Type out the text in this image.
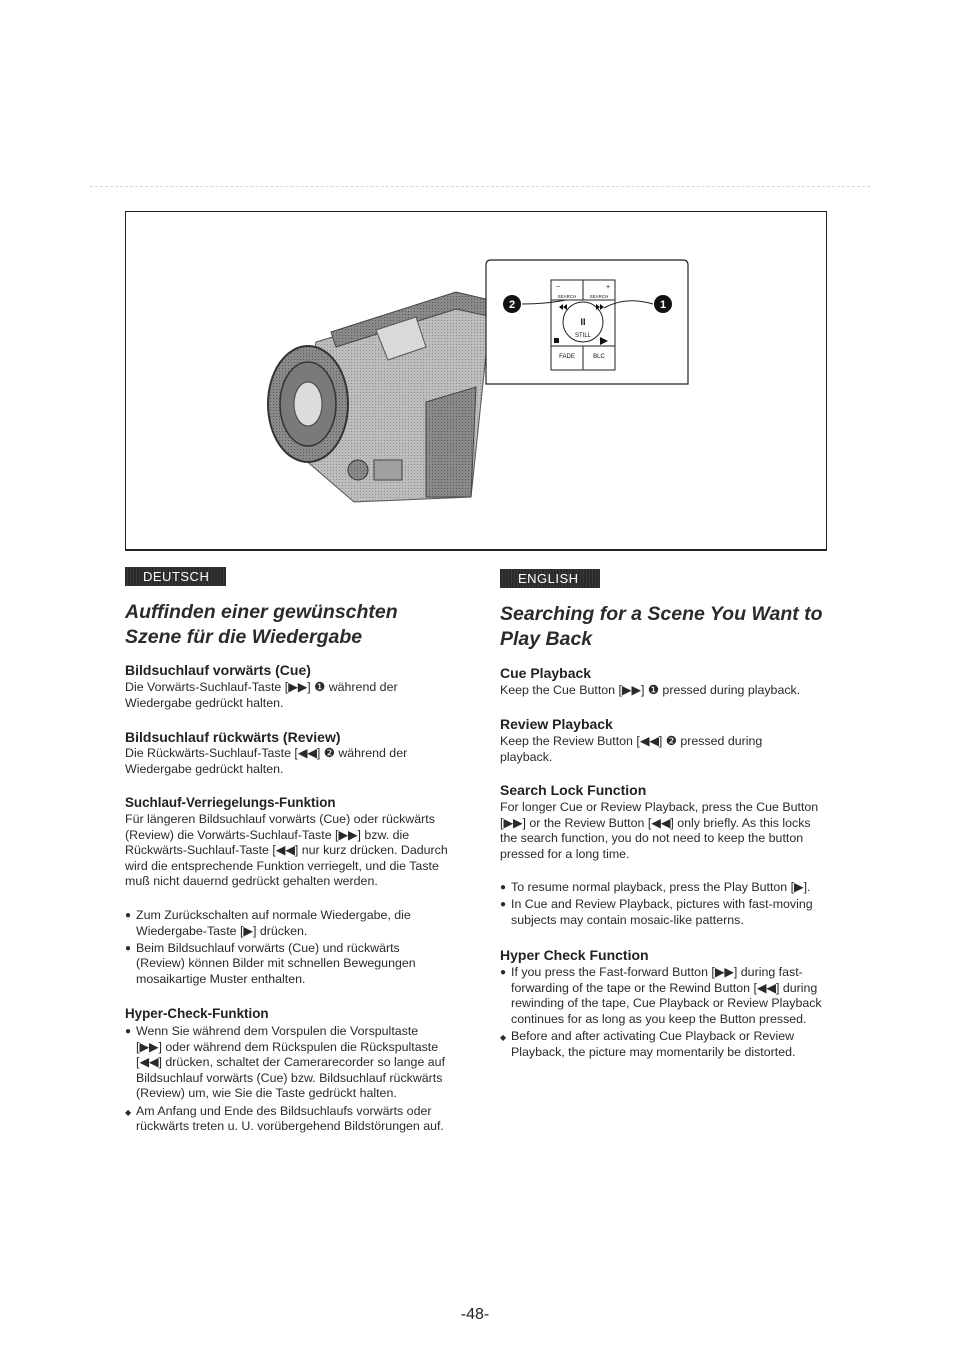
II
STILL
SEARCH	SEARCH
−	+
FADE	BLC
2	1
DEUTSCH
Auffinden einer gewünschten
Szene für die Wiedergabe
Bildsuchlauf vorwärts (Cue)

Die Vorwärts-Suchlauf-Taste [▶▶] ❶ während der Wiedergabe gedrückt halten.

Bildsuchlauf rückwärts (Review)

Die Rückwärts-Suchlauf-Taste [◀◀] ❷ während der Wiedergabe gedrückt halten.

Suchlauf-Verriegelungs-Funktion

Für längeren Bildsuchlauf vorwärts (Cue) oder rückwärts (Review) die Vorwärts-Suchlauf-Taste [▶▶] bzw. die Rückwärts-Suchlauf-Taste [◀◀] nur kurz drücken. Dadurch wird die entsprechende Funktion verriegelt, und die Taste muß nicht dauernd gedrückt gehalten werden.

● Zum Zurückschalten auf normale Wiedergabe, die Wiedergabe-Taste [▶] drücken.
● Beim Bildsuchlauf vorwärts (Cue) und rückwärts (Review) können Bilder mit schnellen Bewegungen mosaikartige Muster enthalten.
Hyper-Check-Funktion
● Wenn Sie während dem Vorspulen die Vorspultaste [▶▶] oder während dem Rückspulen die Rückspultaste [◀◀] drücken, schaltet der Camerarecorder so lange auf Bildsuchlauf vorwärts (Cue) bzw. Bildsuchlauf rückwärts (Review) um, wie Sie die Taste gedrückt halten.
◆ Am Anfang und Ende des Bildsuchlaufs vorwärts oder rückwärts treten u. U. vorübergehend Bildstörungen auf.
ENGLISH
Searching for a Scene You Want to
Play Back
Cue Playback

Keep the Cue Button [▶▶] ❶ pressed during playback.

Review Playback

Keep the Review Button [◀◀] ❷ pressed during playback.

Search Lock Function

For longer Cue or Review Playback, press the Cue Button [▶▶] or the Review Button [◀◀] only briefly. As this locks the search function, you do not need to keep the button pressed for a long time.

● To resume normal playback, press the Play Button [▶].
● In Cue and Review Playback, pictures with fast-moving subjects may contain mosaic-like patterns.
Hyper Check Function
● If you press the Fast-forward Button [▶▶] during fast-forwarding of the tape or the Rewind Button [◀◀] during rewinding of the tape, Cue Playback or Review Playback continues for as long as you keep the Button pressed.
◆ Before and after activating Cue Playback or Review Playback, the picture may momentarily be distorted.
-48-
